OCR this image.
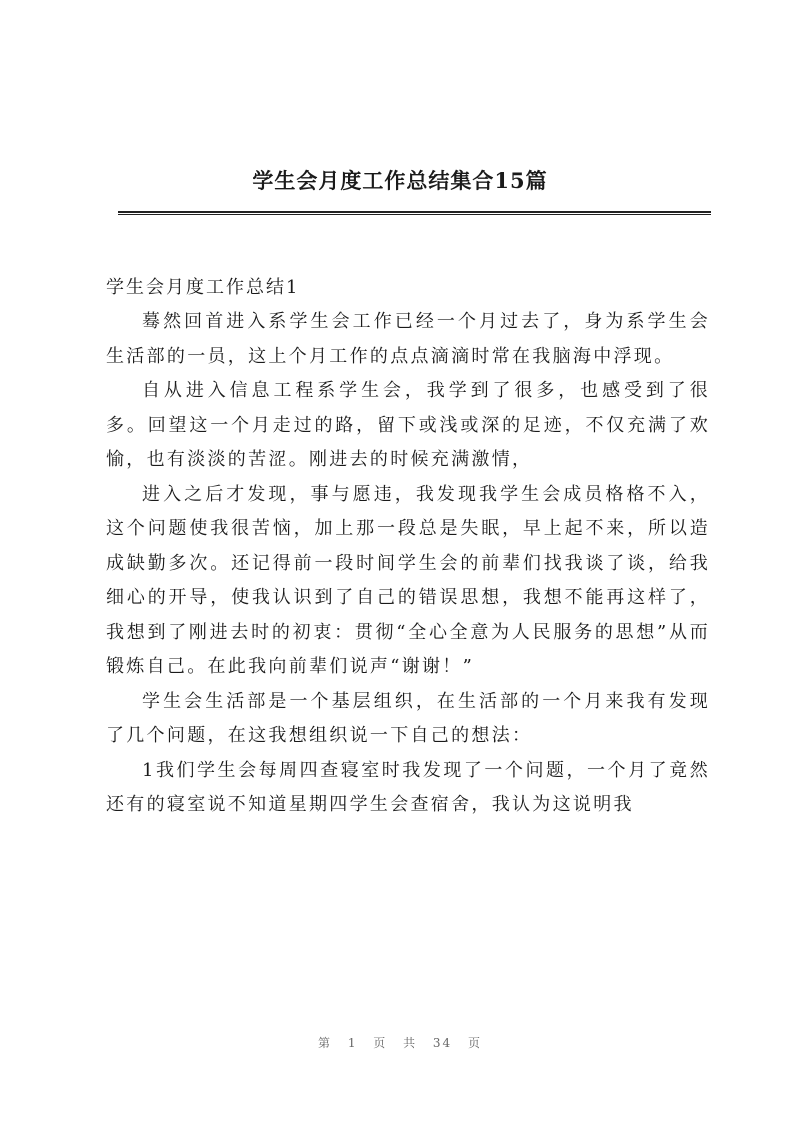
学生会月度工作总结集合15篇
学生会月度工作总结1

蓦然回首进入系学生会工作已经一个月过去了，身为系学生会生活部的一员，这上个月工作的点点滴滴时常在我脑海中浮现。

自从进入信息工程系学生会，我学到了很多，也感受到了很多。回望这一个月走过的路，留下或浅或深的足迹，不仅充满了欢愉，也有淡淡的苦涩。刚进去的时候充满激情，

进入之后才发现，事与愿违，我发现我学生会成员格格不入，这个问题使我很苦恼，加上那一段总是失眠，早上起不来，所以造成缺勤多次。还记得前一段时间学生会的前辈们找我谈了谈，给我细心的开导，使我认识到了自己的错误思想，我想不能再这样了，我想到了刚进去时的初衷：贯彻“全心全意为人民服务的思想”从而锻炼自己。在此我向前辈们说声“谢谢！”

学生会生活部是一个基层组织，在生活部的一个月来我有发现了几个问题，在这我想组织说一下自己的想法：

1我们学生会每周四查寝室时我发现了一个问题，一个月了竟然还有的寝室说不知道星期四学生会查宿舍，我认为这说明我

第 1 页 共 34 页
